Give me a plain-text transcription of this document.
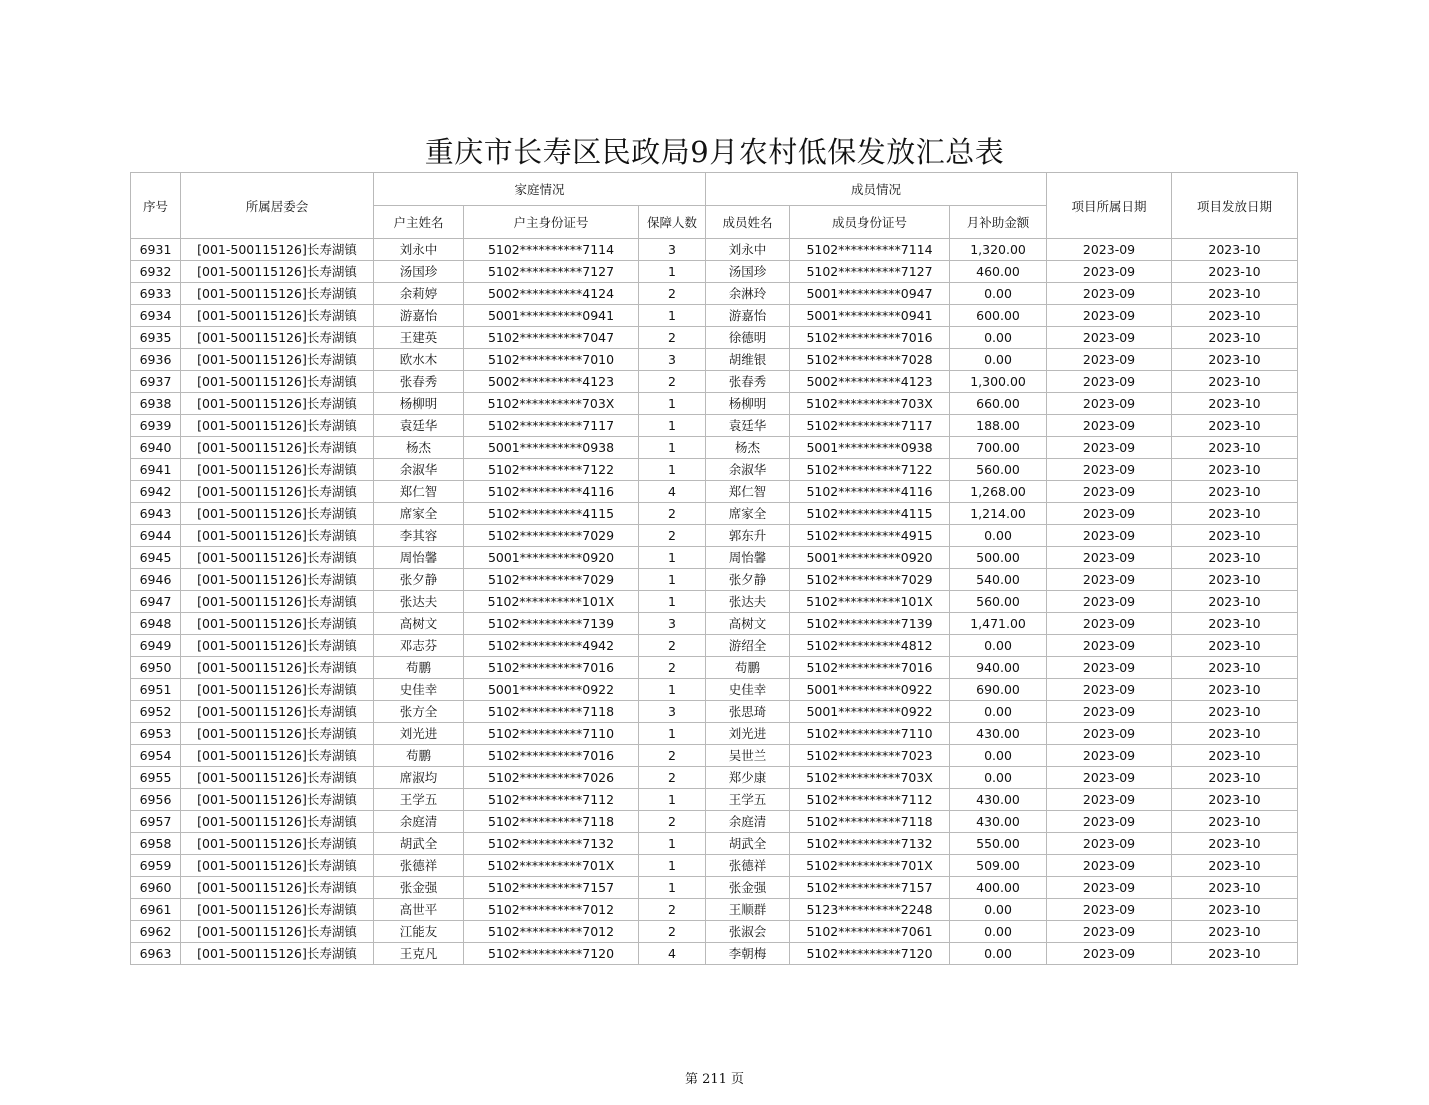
重庆市长寿区民政局9月农村低保发放汇总表
序号	所属居委会	家庭情况			成员情况			项目所属日期	项目发放日期
		户主姓名	户主身份证号	保障人数	成员姓名	成员身份证号	月补助金额		
6931	[001-500115126]长寿湖镇	刘永中	5102**********7114	3	刘永中	5102**********7114	1,320.00	2023-09	2023-10
6932	[001-500115126]长寿湖镇	汤国珍	5102**********7127	1	汤国珍	5102**********7127	460.00	2023-09	2023-10
6933	[001-500115126]长寿湖镇	余莉婷	5002**********4124	2	余淋玲	5001**********0947	0.00	2023-09	2023-10
6934	[001-500115126]长寿湖镇	游嘉怡	5001**********0941	1	游嘉怡	5001**********0941	600.00	2023-09	2023-10
6935	[001-500115126]长寿湖镇	王建英	5102**********7047	2	徐德明	5102**********7016	0.00	2023-09	2023-10
6936	[001-500115126]长寿湖镇	欧水木	5102**********7010	3	胡维银	5102**********7028	0.00	2023-09	2023-10
6937	[001-500115126]长寿湖镇	张春秀	5002**********4123	2	张春秀	5002**********4123	1,300.00	2023-09	2023-10
6938	[001-500115126]长寿湖镇	杨柳明	5102**********703X	1	杨柳明	5102**********703X	660.00	2023-09	2023-10
6939	[001-500115126]长寿湖镇	袁廷华	5102**********7117	1	袁廷华	5102**********7117	188.00	2023-09	2023-10
6940	[001-500115126]长寿湖镇	杨杰	5001**********0938	1	杨杰	5001**********0938	700.00	2023-09	2023-10
6941	[001-500115126]长寿湖镇	余淑华	5102**********7122	1	余淑华	5102**********7122	560.00	2023-09	2023-10
6942	[001-500115126]长寿湖镇	郑仁智	5102**********4116	4	郑仁智	5102**********4116	1,268.00	2023-09	2023-10
6943	[001-500115126]长寿湖镇	席家全	5102**********4115	2	席家全	5102**********4115	1,214.00	2023-09	2023-10
6944	[001-500115126]长寿湖镇	李其容	5102**********7029	2	郭东升	5102**********4915	0.00	2023-09	2023-10
6945	[001-500115126]长寿湖镇	周怡馨	5001**********0920	1	周怡馨	5001**********0920	500.00	2023-09	2023-10
6946	[001-500115126]长寿湖镇	张夕静	5102**********7029	1	张夕静	5102**********7029	540.00	2023-09	2023-10
6947	[001-500115126]长寿湖镇	张达夫	5102**********101X	1	张达夫	5102**********101X	560.00	2023-09	2023-10
6948	[001-500115126]长寿湖镇	高树文	5102**********7139	3	高树文	5102**********7139	1,471.00	2023-09	2023-10
6949	[001-500115126]长寿湖镇	邓志芬	5102**********4942	2	游绍全	5102**********4812	0.00	2023-09	2023-10
6950	[001-500115126]长寿湖镇	苟鹏	5102**********7016	2	苟鹏	5102**********7016	940.00	2023-09	2023-10
6951	[001-500115126]长寿湖镇	史佳幸	5001**********0922	1	史佳幸	5001**********0922	690.00	2023-09	2023-10
6952	[001-500115126]长寿湖镇	张方全	5102**********7118	3	张思琦	5001**********0922	0.00	2023-09	2023-10
6953	[001-500115126]长寿湖镇	刘光进	5102**********7110	1	刘光进	5102**********7110	430.00	2023-09	2023-10
6954	[001-500115126]长寿湖镇	苟鹏	5102**********7016	2	吴世兰	5102**********7023	0.00	2023-09	2023-10
6955	[001-500115126]长寿湖镇	席淑均	5102**********7026	2	郑少康	5102**********703X	0.00	2023-09	2023-10
6956	[001-500115126]长寿湖镇	王学五	5102**********7112	1	王学五	5102**********7112	430.00	2023-09	2023-10
6957	[001-500115126]长寿湖镇	余庭清	5102**********7118	2	余庭清	5102**********7118	430.00	2023-09	2023-10
6958	[001-500115126]长寿湖镇	胡武全	5102**********7132	1	胡武全	5102**********7132	550.00	2023-09	2023-10
6959	[001-500115126]长寿湖镇	张德祥	5102**********701X	1	张德祥	5102**********701X	509.00	2023-09	2023-10
6960	[001-500115126]长寿湖镇	张金强	5102**********7157	1	张金强	5102**********7157	400.00	2023-09	2023-10
6961	[001-500115126]长寿湖镇	高世平	5102**********7012	2	王顺群	5123**********2248	0.00	2023-09	2023-10
6962	[001-500115126]长寿湖镇	江能友	5102**********7012	2	张淑会	5102**********7061	0.00	2023-09	2023-10
6963	[001-500115126]长寿湖镇	王克凡	5102**********7120	4	李朝梅	5102**********7120	0.00	2023-09	2023-10
第 211 页
